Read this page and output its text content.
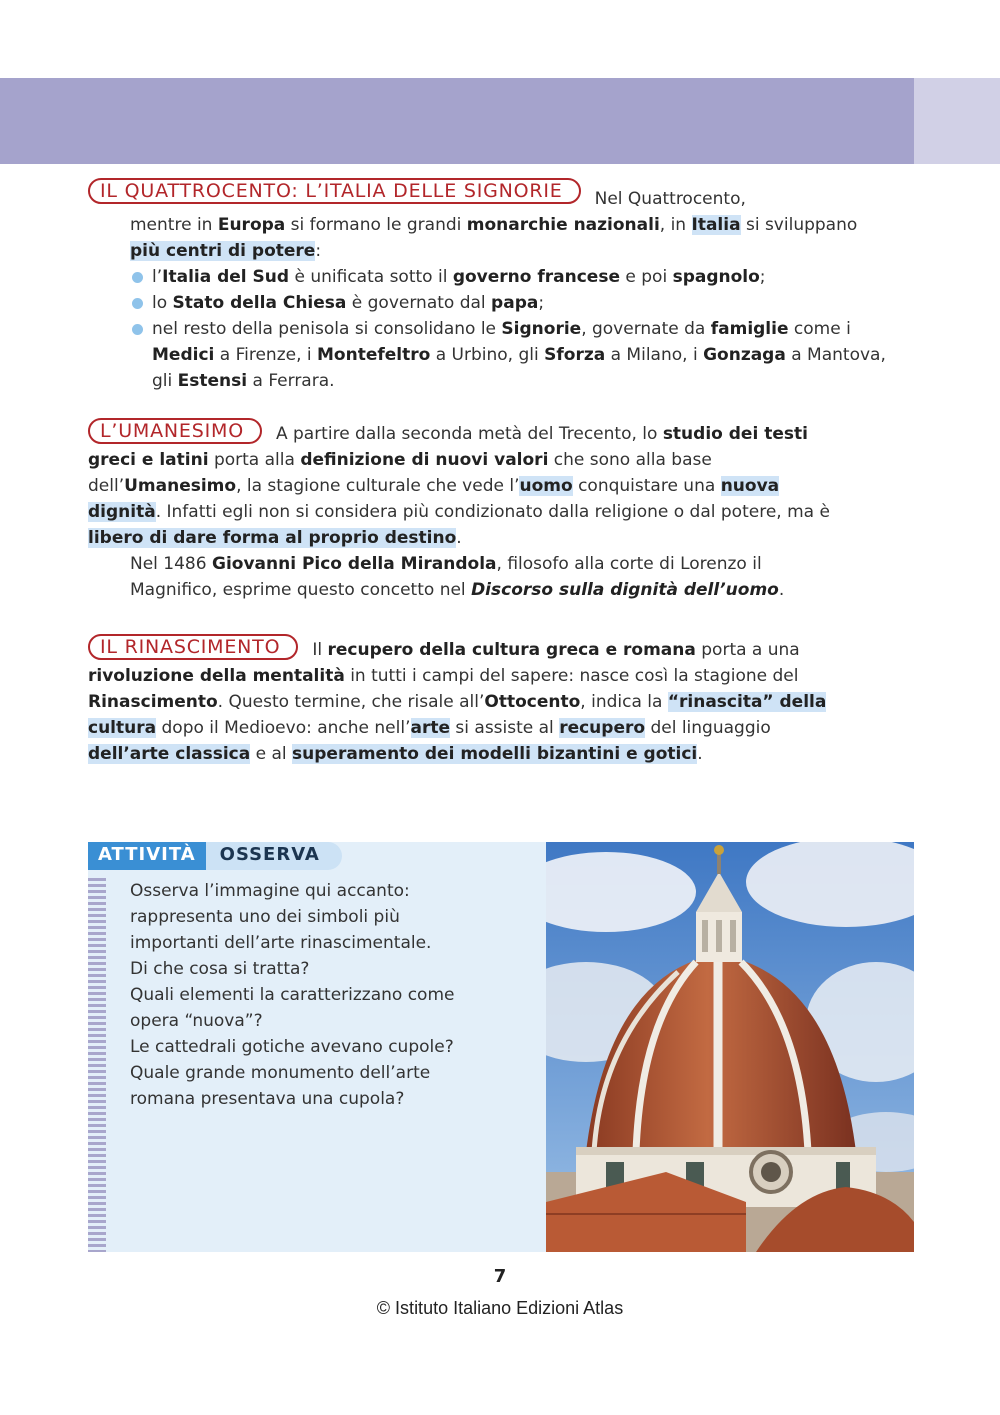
IL QUATTROCENTO: L’ITALIA DELLE SIGNORIE	Nel Quattrocento,
mentre in Europa si formano le grandi monarchie nazionali, in Italia si sviluppano più centri di potere:
l’Italia del Sud è unificata sotto il governo francese e poi spagnolo;
lo Stato della Chiesa è governato dal papa;
nel resto della penisola si consolidano le Signorie, governate da famiglie come i Medici a Firenze, i Montefeltro a Urbino, gli Sforza a Milano, i Gonzaga a Mantova, gli Estensi a Ferrara.
L’UMANESIMO A partire dalla seconda metà del Trecento, lo studio dei testi greci e latini porta alla definizione di nuovi valori che sono alla base dell’Umanesimo, la stagione culturale che vede l’uomo conquistare una nuova dignità. Infatti egli non si considera più condizionato dalla religione o dal potere, ma è libero di dare forma al proprio destino.
Nel 1486 Giovanni Pico della Mirandola, filosofo alla corte di Lorenzo il Magnifico, esprime questo concetto nel Discorso sulla dignità dell’uomo.
IL RINASCIMENTO Il recupero della cultura greca e romana porta a una rivoluzione della mentalità in tutti i campi del sapere: nasce così la stagione del Rinascimento. Questo termine, che risale all’Ottocento, indica la “rinascita” della cultura dopo il Medioevo: anche nell’arte si assiste al recupero del linguaggio dell’arte classica e al superamento dei modelli bizantini e gotici.
ATTIVITÀ	OSSERVA
Osserva l’immagine qui accanto:
rappresenta uno dei simboli più
importanti dell’arte rinascimentale.
Di che cosa si tratta?
Quali elementi la caratterizzano come
opera “nuova”?
Le cattedrali gotiche avevano cupole?
Quale grande monumento dell’arte
romana presentava una cupola?
7
© Istituto Italiano Edizioni Atlas
